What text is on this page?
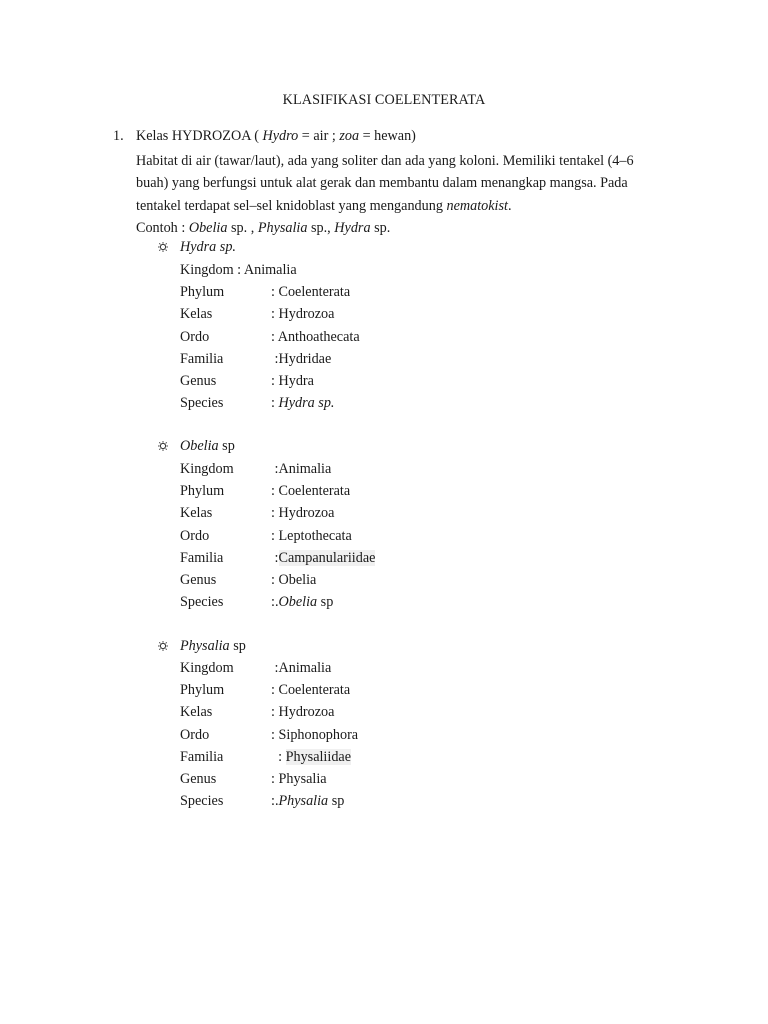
KLASIFIKASI COELENTERATA
1. Kelas HYDROZOA ( Hydro = air ; zoa = hewan)

Habitat di air (tawar/laut), ada yang soliter dan ada yang koloni. Memiliki tentakel (4–6

buah) yang berfungsi untuk alat gerak dan membantu dalam menangkap mangsa. Pada

tentakel terdapat sel–sel knidoblast yang mengandung nematokist.

Contoh : Obelia sp. , Physalia sp., Hydra sp.

Hydra sp.
Kingdom : Animalia
Phylum	: Coelenterata
Kelas	: Hydrozoa
Ordo	: Anthoathecata
Familia	:Hydridae
Genus	: Hydra
Species	: Hydra sp.
Obelia sp
Kingdom	:Animalia
Phylum	: Coelenterata
Kelas	: Hydrozoa
Ordo	: Leptothecata
Familia	:Campanulariidae
Genus	: Obelia
Species	:.Obelia sp
Physalia sp
Kingdom	:Animalia
Phylum	: Coelenterata
Kelas	: Hydrozoa
Ordo	: Siphonophora
Familia	: Physaliidae
Genus	: Physalia
Species	:.Physalia sp
